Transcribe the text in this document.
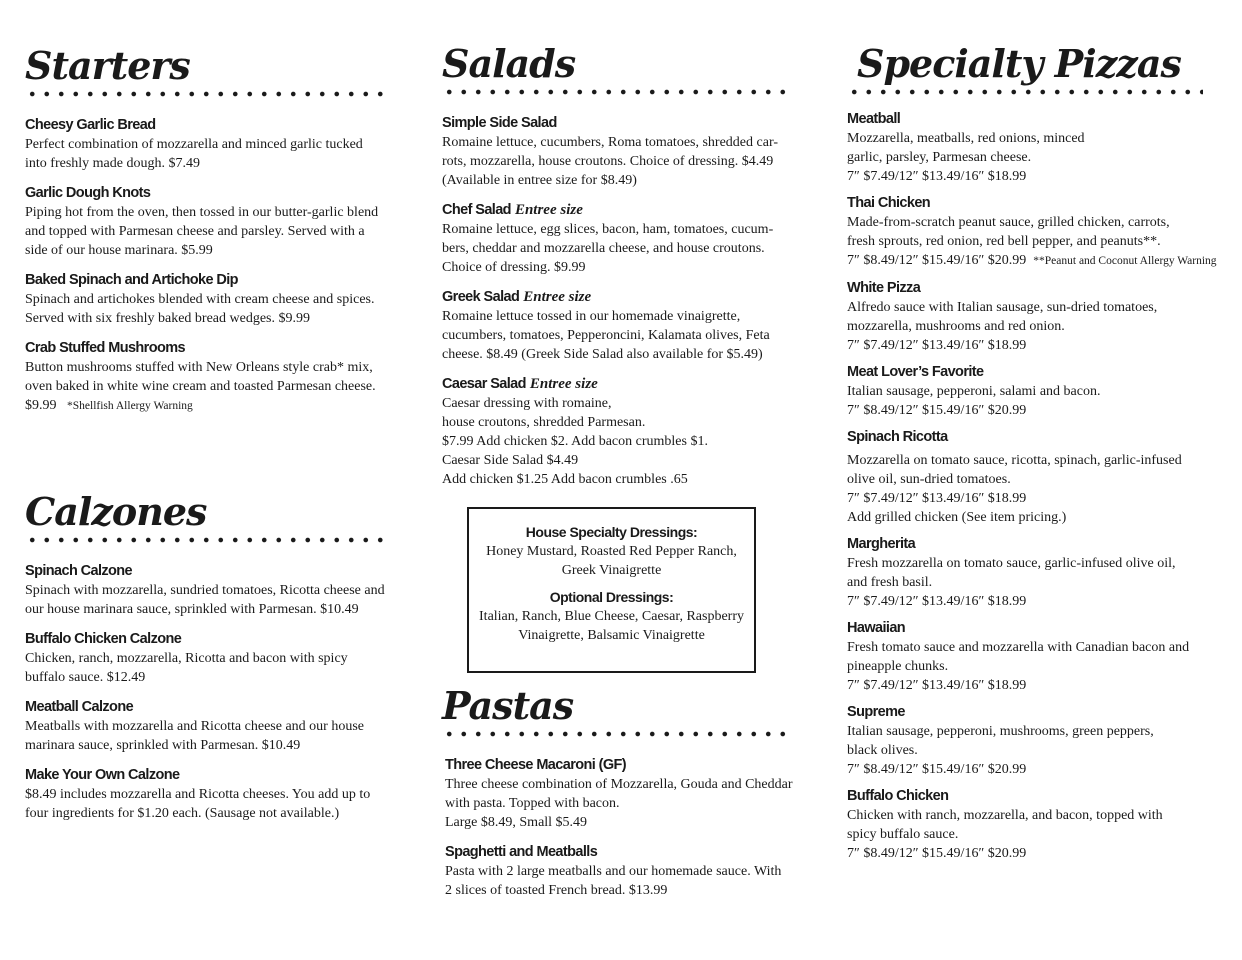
Starters

Cheesy Garlic Bread

Perfect combination of mozzarella and minced garlic tucked into freshly made dough. $7.49

Garlic Dough Knots

Piping hot from the oven, then tossed in our butter-garlic blend and topped with Parmesan cheese and parsley. Served with a side of our house marinara. $5.99

Baked Spinach and Artichoke Dip

Spinach and artichokes blended with cream cheese and spices. Served with six freshly baked bread wedges. $9.99

Crab Stuffed Mushrooms

Button mushrooms stuffed with New Orleans style crab* mix, oven baked in white wine cream and toasted Parmesan cheese. $9.99 *Shellfish Allergy Warning

Calzones

Spinach Calzone

Spinach with mozzarella, sundried tomatoes, Ricotta cheese and our house marinara sauce, sprinkled with Parmesan. $10.49

Buffalo Chicken Calzone

Chicken, ranch, mozzarella, Ricotta and bacon with spicy buffalo sauce. $12.49

Meatball Calzone

Meatballs with mozzarella and Ricotta cheese and our house marinara sauce, sprinkled with Parmesan. $10.49

Make Your Own Calzone

$8.49 includes mozzarella and Ricotta cheeses. You add up to four ingredients for $1.20 each. (Sausage not available.)

Salads

Simple Side Salad

Romaine lettuce, cucumbers, Roma tomatoes, shredded car-

rots, mozzarella, house croutons. Choice of dressing. $4.49

(Available in entree size for $8.49)

Chef Salad Entree size

Romaine lettuce, egg slices, bacon, ham, tomatoes, cucum-

bers, cheddar and mozzarella cheese, and house croutons.

Choice of dressing. $9.99

Greek Salad Entree size

Romaine lettuce tossed in our homemade vinaigrette,

cucumbers, tomatoes, Pepperoncini, Kalamata olives, Feta

cheese. $8.49 (Greek Side Salad also available for $5.49)

Caesar Salad Entree size

Caesar dressing with romaine,

house croutons, shredded Parmesan.

$7.99 Add chicken $2. Add bacon crumbles $1.

Caesar Side Salad $4.49

Add chicken $1.25 Add bacon crumbles .65

House Specialty Dressings:

Honey Mustard, Roasted Red Pepper Ranch, Greek Vinaigrette

Optional Dressings:

Italian, Ranch, Blue Cheese, Caesar, Raspberry Vinaigrette, Balsamic Vinaigrette

Pastas

Three Cheese Macaroni (GF)

Three cheese combination of Mozzarella, Gouda and Cheddar

with pasta. Topped with bacon.

Large $8.49, Small $5.49

Spaghetti and Meatballs

Pasta with 2 large meatballs and our homemade sauce. With

2 slices of toasted French bread. $13.99

Specialty Pizzas

Meatball

Mozzarella, meatballs, red onions, minced

garlic, parsley, Parmesan cheese.

7″ $7.49/12″ $13.49/16″ $18.99

Thai Chicken

Made-from-scratch peanut sauce, grilled chicken, carrots,

fresh sprouts, red onion, red bell pepper, and peanuts**.

7″ $8.49/12″ $15.49/16″ $20.99 **Peanut and Coconut Allergy Warning

White Pizza

Alfredo sauce with Italian sausage, sun-dried tomatoes,

mozzarella, mushrooms and red onion.

7″ $7.49/12″ $13.49/16″ $18.99

Meat Lover’s Favorite

Italian sausage, pepperoni, salami and bacon.

7″ $8.49/12″ $15.49/16″ $20.99

Spinach Ricotta

Mozzarella on tomato sauce, ricotta, spinach, garlic-infused

olive oil, sun-dried tomatoes.

7″ $7.49/12″ $13.49/16″ $18.99

Add grilled chicken (See item pricing.)

Margherita

Fresh mozzarella on tomato sauce, garlic-infused olive oil,

and fresh basil.

7″ $7.49/12″ $13.49/16″ $18.99

Hawaiian

Fresh tomato sauce and mozzarella with Canadian bacon and

pineapple chunks.

7″ $7.49/12″ $13.49/16″ $18.99

Supreme

Italian sausage, pepperoni, mushrooms, green peppers,

black olives.

7″ $8.49/12″ $15.49/16″ $20.99

Buffalo Chicken

Chicken with ranch, mozzarella, and bacon, topped with

spicy buffalo sauce.

7″ $8.49/12″ $15.49/16″ $20.99
